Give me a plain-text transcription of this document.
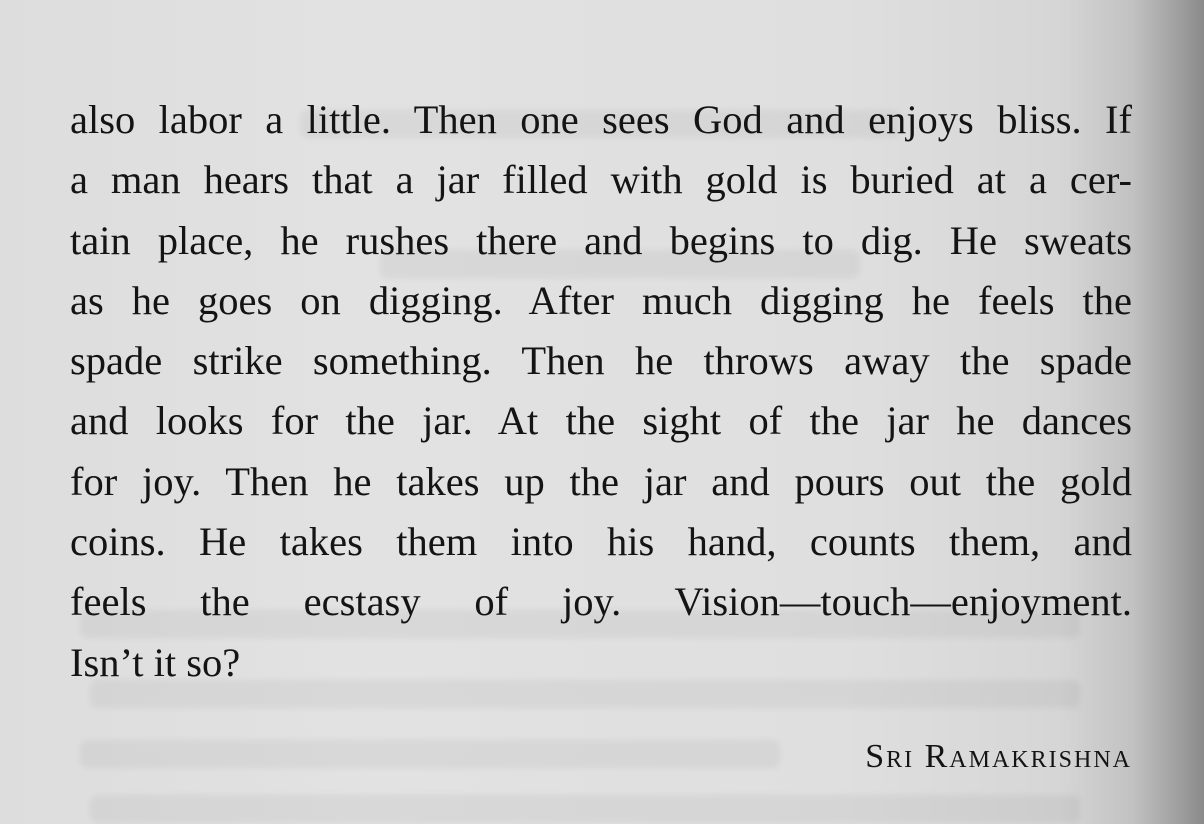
also labor a little. Then one sees God and enjoys bliss. If
a man hears that a jar filled with gold is buried at a cer-
tain place, he rushes there and begins to dig. He sweats
as he goes on digging. After much digging he feels the
spade strike something. Then he throws away the spade
and looks for the jar. At the sight of the jar he dances
for joy. Then he takes up the jar and pours out the gold
coins. He takes them into his hand, counts them, and
feels the ecstasy of joy. Vision—touch—enjoyment.
Isn’t it so?
Sri Ramakrishna
